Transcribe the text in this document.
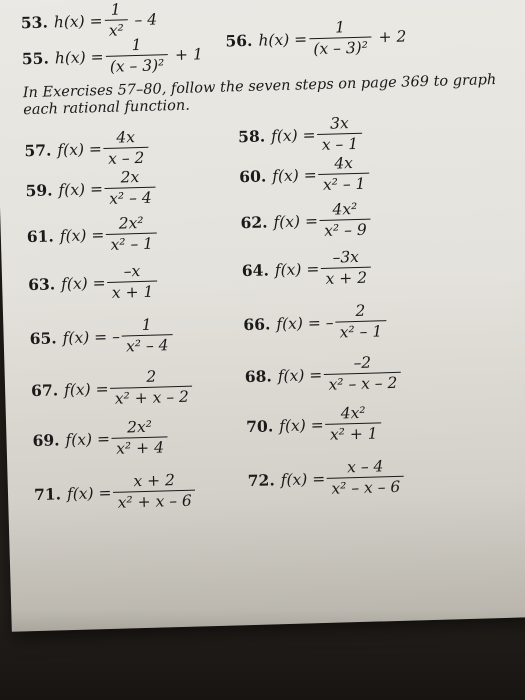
53. $h(x) = \frac{1}{\text{x²}} - 4$
55. $h(x) = \frac{1}{\text{(x – 3)²}} + 1$
56. $h(x) = \frac{1}{\text{(x – 3)²}} + 2$
In Exercises 57–80, follow the seven steps on page 369 to graph each rational function.
57. $f(x) = \frac{4x}{x - 2}$	58. $f(x) = \frac{3x}{x - 1}$
59. $f(x) = \frac{2x}{\text{x² – 4}}$	60. $f(x) = \frac{4x}{\text{x² – 1}}$
61. $f(x) = \frac{\text{2x²}}{\text{x² – 1}}$	62. $f(x) = \frac{\text{4x²}}{\text{x² – 9}}$
63. $f(x) = \frac{-x}{x + 1}$	64. $f(x) = \frac{-3x}{x + 2}$
65. f(x) = – $\frac{1}{\text{x² – 4}}$	66. f(x) = – $\frac{2}{\text{x² – 1}}$
67. $f(x) = \frac{2}{\text{x² + x – 2}}$	68. $f(x) = \frac{-2}{\text{x² – x – 2}}$
69. $f(x) = \frac{\text{2x²}}{\text{x² + 4}}$	70. $f(x) = \frac{\text{4x²}}{\text{x² + 1}}$
71. $f(x) = \frac{x + 2}{\text{x² + x – 6}}$	72. $f(x) = \frac{x - 4}{\text{x² – x – 6}}$
